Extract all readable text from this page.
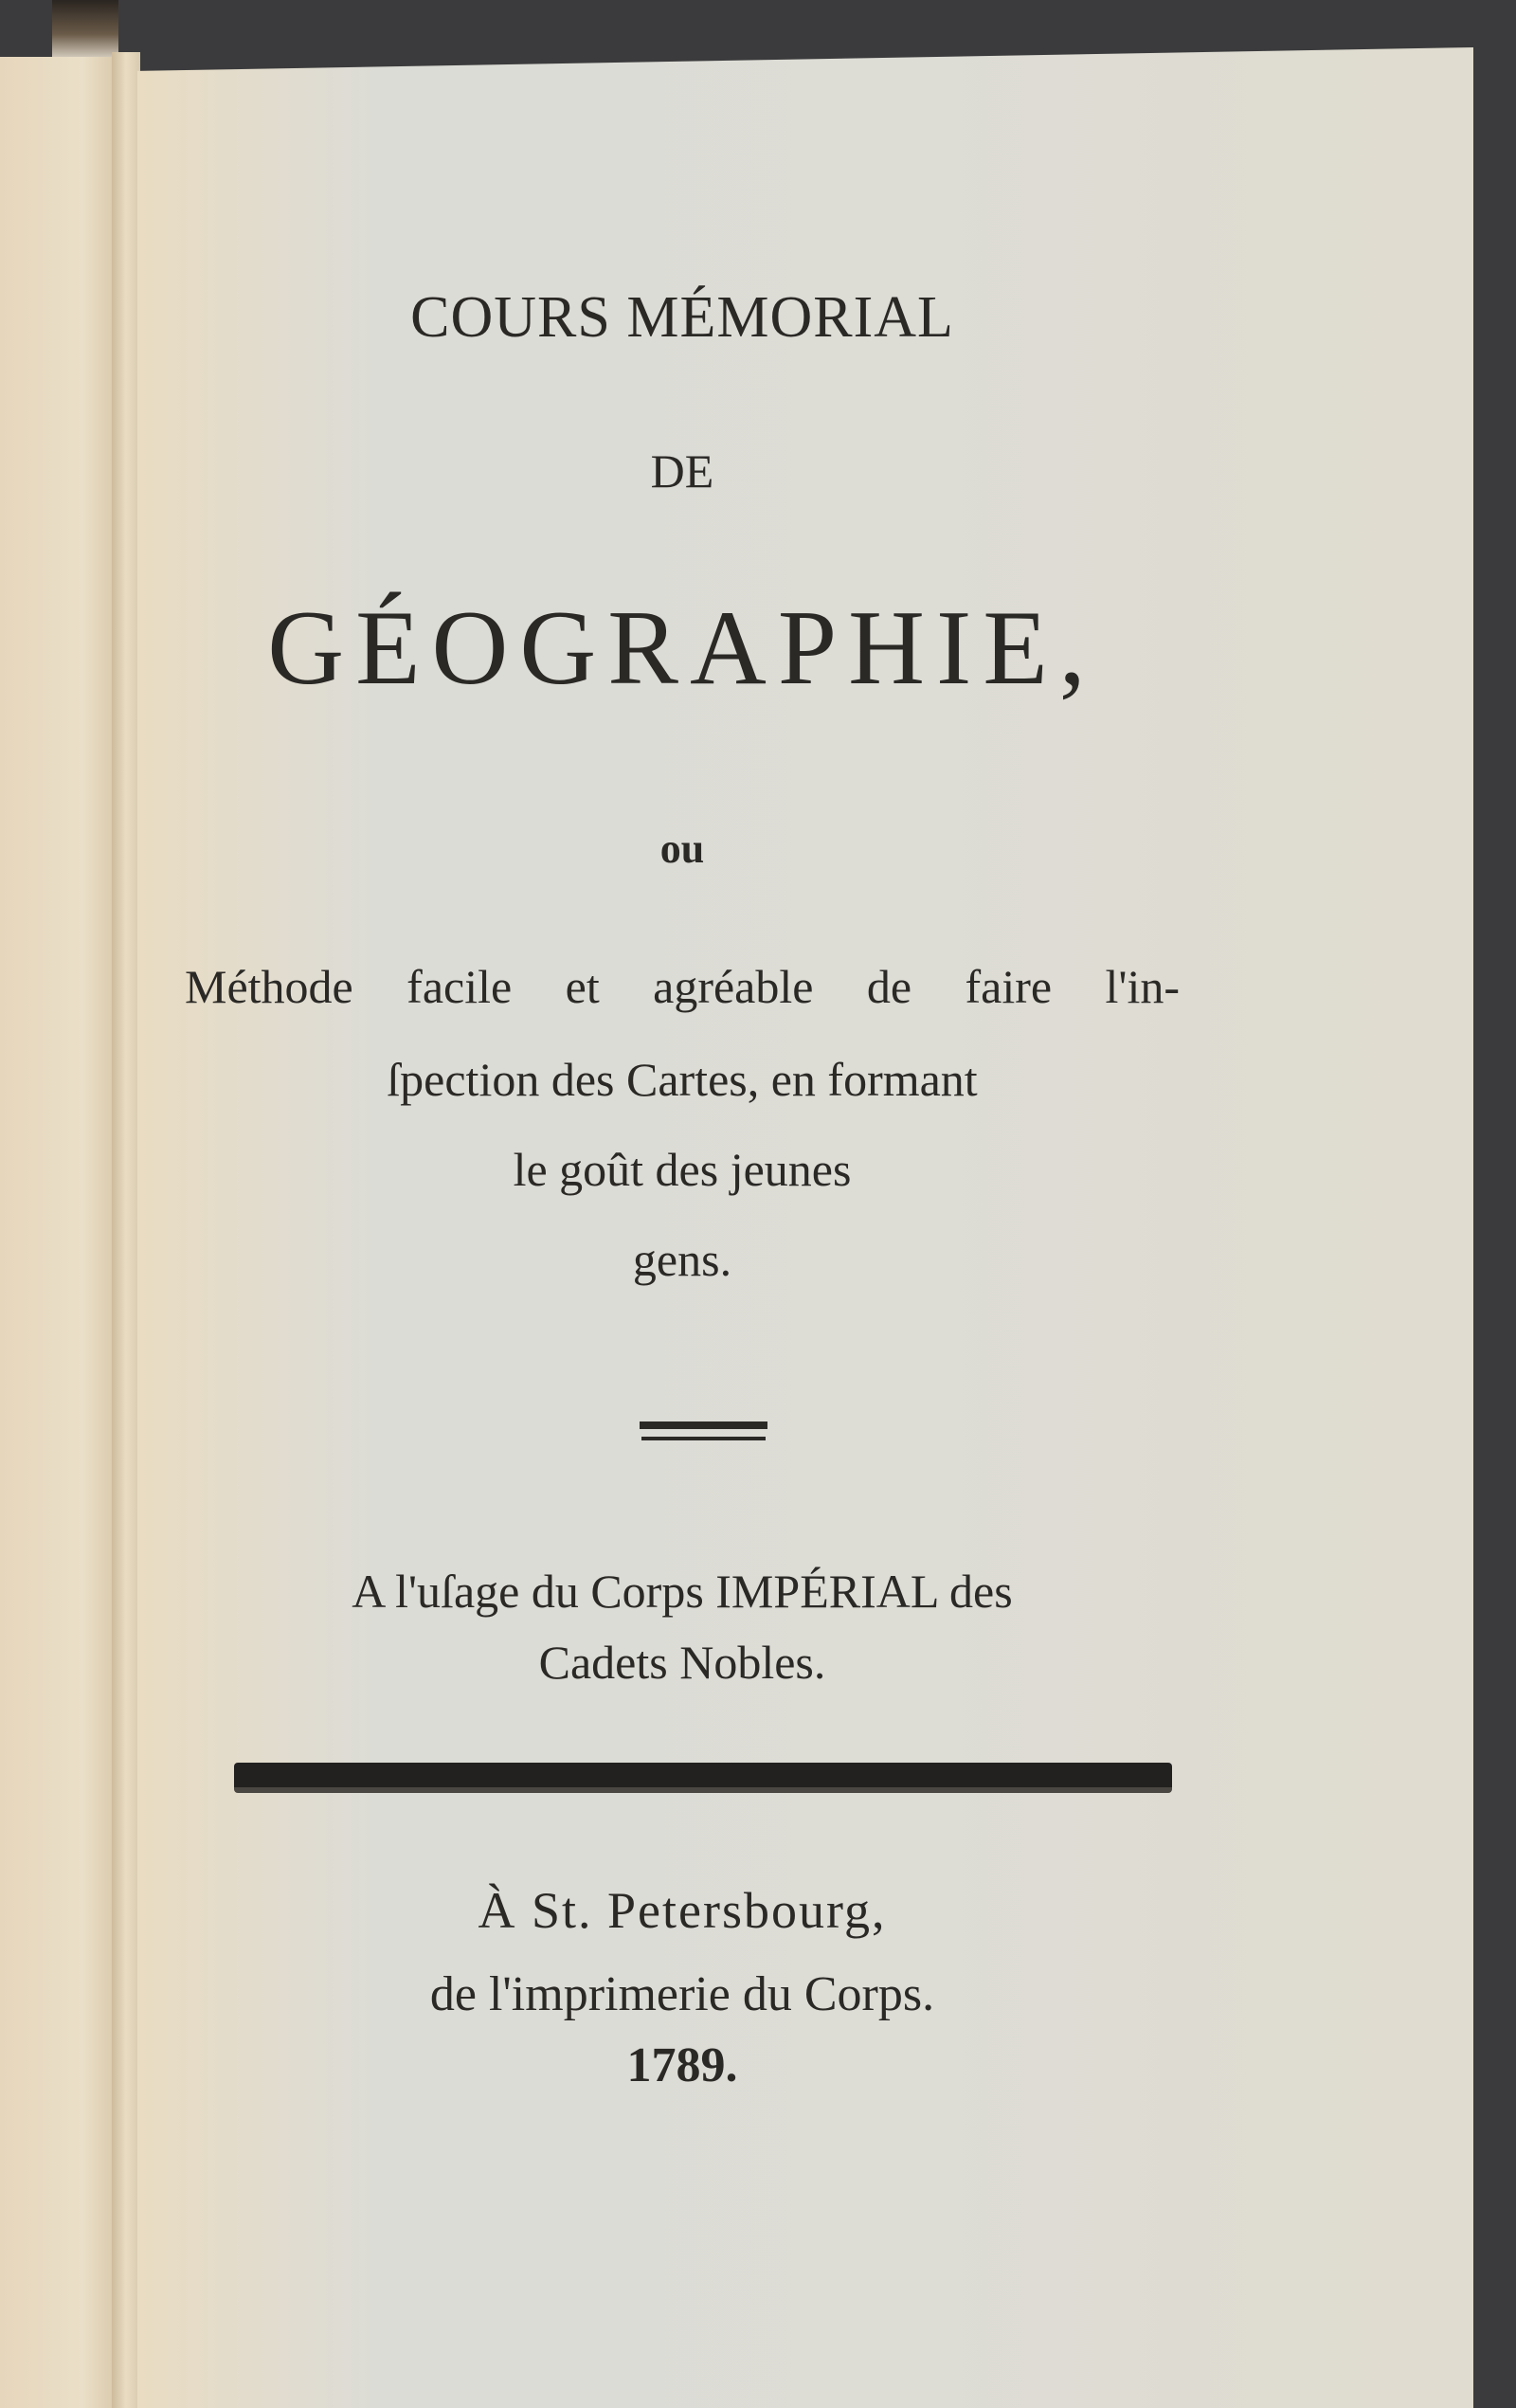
COURS MÉMORIAL
DE
GÉOGRAPHIE,
ou
Méthode facile et agréable de faire l'in-
ſpection des Cartes, en formant
le goût des jeunes
gens.
A l'uſage du Corps IMPÉRIAL des
Cadets Nobles.
À St. Petersbourg,
de l'imprimerie du Corps.
1789.
